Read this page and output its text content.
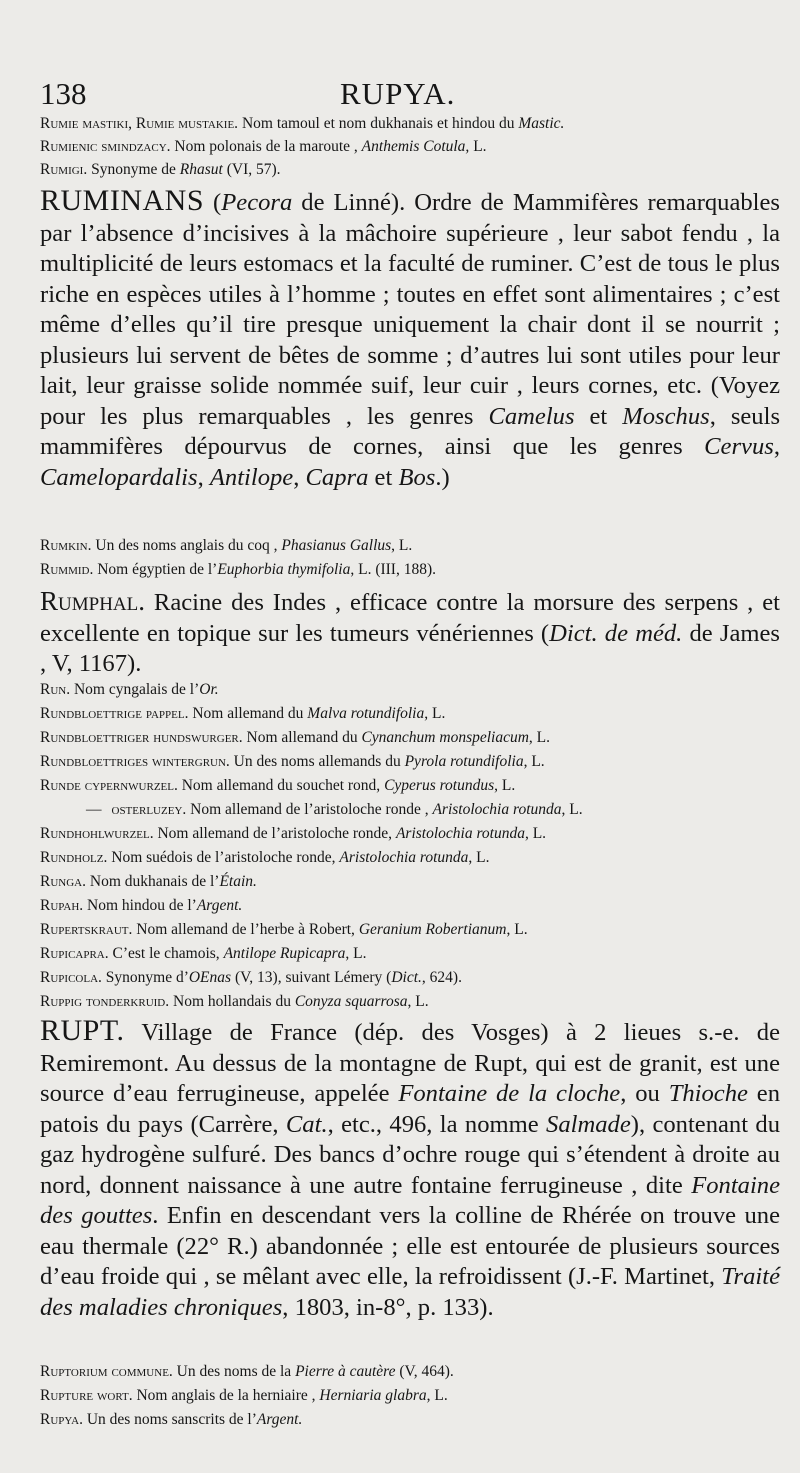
138	RUPYA.
Rumie mastiki, Rumie mustakie. Nom tamoul et nom dukhanais et hindou du Mastic.
Rumienic smindzacy. Nom polonais de la maroute , Anthemis Cotula, L.
Rumigi. Synonyme de Rhasut (VI, 57).
RUMINANS (Pecora de Linné). Ordre de Mammifères remarquables par l’absence d’incisives à la mâchoire supérieure , leur sabot fendu , la multiplicité de leurs estomacs et la faculté de ruminer. C’est de tous le plus riche en espèces utiles à l’homme ; toutes en effet sont alimentaires ; c’est même d’elles qu’il tire presque uniquement la chair dont il se nourrit ; plusieurs lui servent de bêtes de somme ; d’autres lui sont utiles pour leur lait, leur graisse solide nommée suif, leur cuir , leurs cornes, etc. (Voyez pour les plus remarquables , les genres Camelus et Moschus, seuls mammifères dépourvus de cornes, ainsi que les genres Cervus, Camelopardalis, Antilope, Capra et Bos.)
Rumkin. Un des noms anglais du coq , Phasianus Gallus, L.
Rummid. Nom égyptien de l’Euphorbia thymifolia, L. (III, 188).
Rumphal. Racine des Indes , efficace contre la morsure des serpens , et excellente en topique sur les tumeurs vénériennes (Dict. de méd. de James , V, 1167).
Run. Nom cyngalais de l’Or.
Rundbloettrige pappel. Nom allemand du Malva rotundifolia, L.
Rundbloettriger hundswurger. Nom allemand du Cynanchum monspeliacum, L.
Rundbloettriges wintergrun. Un des noms allemands du Pyrola rotundifolia, L.
Runde cypernwurzel. Nom allemand du souchet rond, Cyperus rotundus, L.
— osterluzey. Nom allemand de l’aristoloche ronde , Aristolochia rotunda, L.
Rundhohlwurzel. Nom allemand de l’aristoloche ronde, Aristolochia rotunda, L.
Rundholz. Nom suédois de l’aristoloche ronde, Aristolochia rotunda, L.
Runga. Nom dukhanais de l’Étain.
Rupah. Nom hindou de l’Argent.
Rupertskraut. Nom allemand de l’herbe à Robert, Geranium Robertianum, L.
Rupicapra. C’est le chamois, Antilope Rupicapra, L.
Rupicola. Synonyme d’OEnas (V, 13), suivant Lémery (Dict., 624).
Ruppig tonderkruid. Nom hollandais du Conyza squarrosa, L.
RUPT. Village de France (dép. des Vosges) à 2 lieues s.-e. de Remiremont. Au dessus de la montagne de Rupt, qui est de granit, est une source d’eau ferrugineuse, appelée Fontaine de la cloche, ou Thioche en patois du pays (Carrère, Cat., etc., 496, la nomme Salmade), contenant du gaz hydrogène sulfuré. Des bancs d’ochre rouge qui s’étendent à droite au nord, donnent naissance à une autre fontaine ferrugineuse , dite Fontaine des gouttes. Enfin en descendant vers la colline de Rhérée on trouve une eau thermale (22° R.) abandonnée ; elle est entourée de plusieurs sources d’eau froide qui , se mêlant avec elle, la refroidissent (J.-F. Martinet, Traité des maladies chroniques, 1803, in-8°, p. 133).
Ruptorium commune. Un des noms de la Pierre à cautère (V, 464).
Rupture wort. Nom anglais de la herniaire , Herniaria glabra, L.
Rupya. Un des noms sanscrits de l’Argent.
